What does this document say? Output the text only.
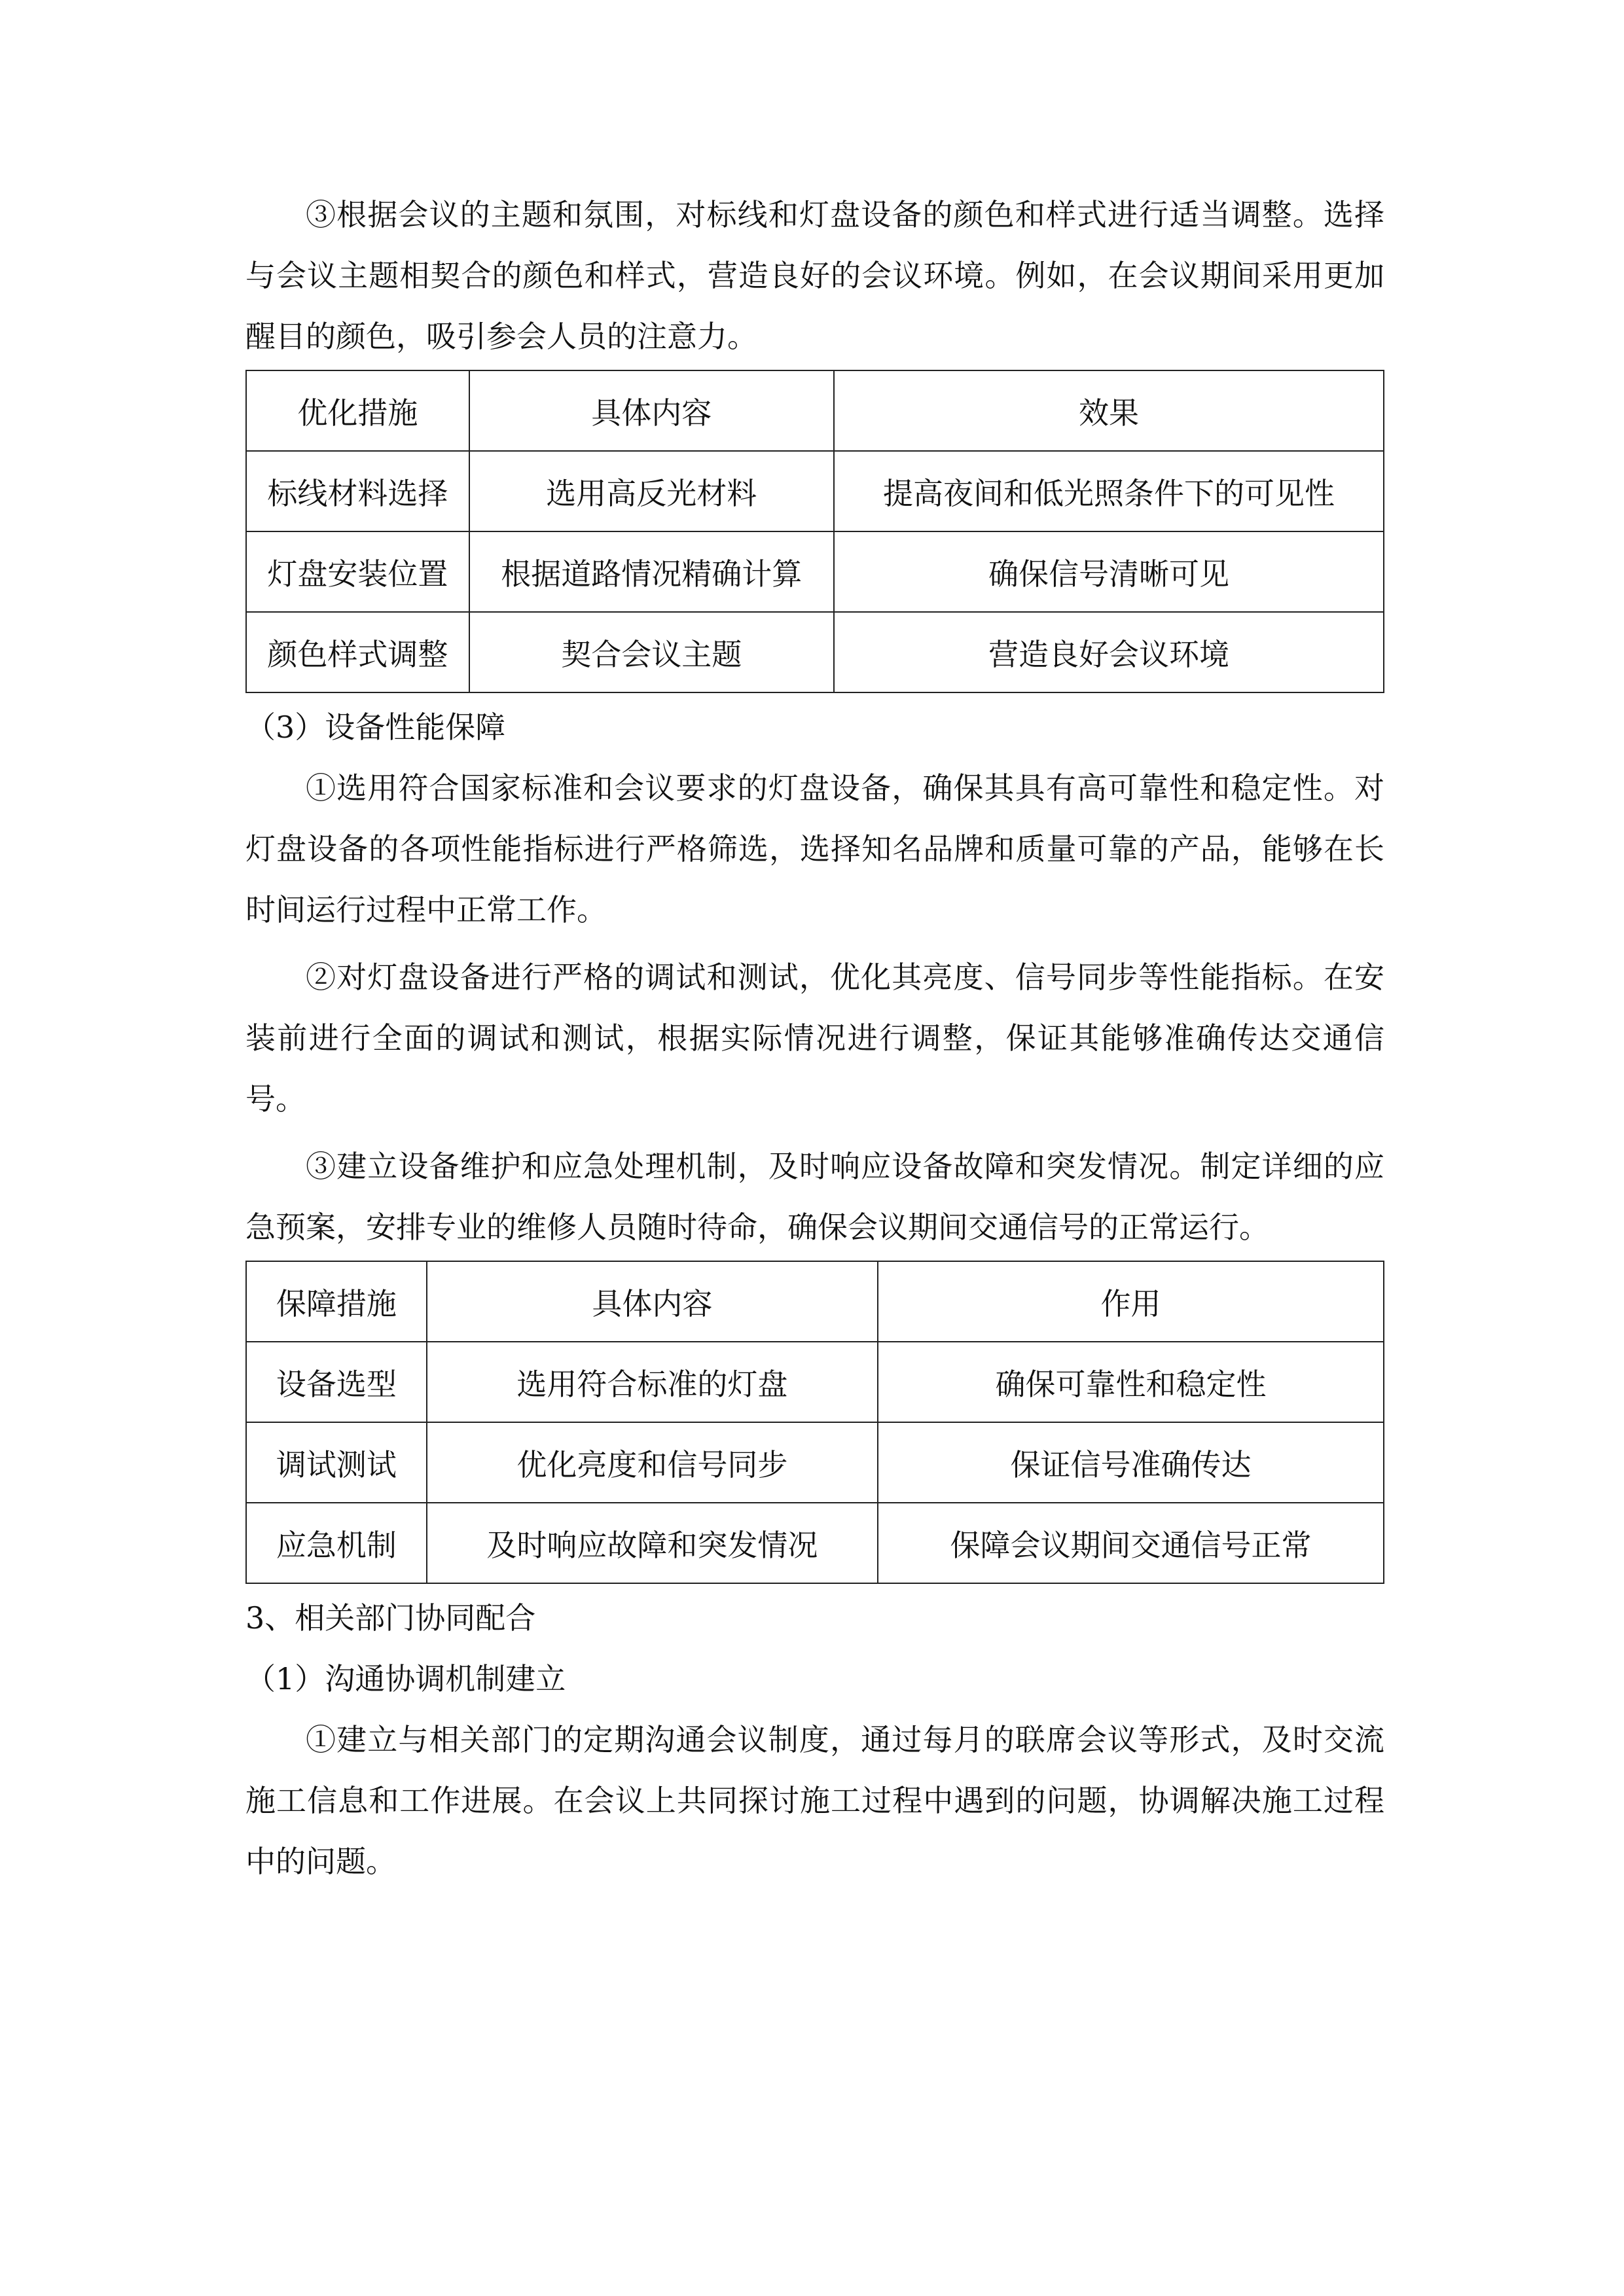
③根据会议的主题和氛围，对标线和灯盘设备的颜色和样式进行适当调整。选择与会议主题相契合的颜色和样式，营造良好的会议环境。例如，在会议期间采用更加醒目的颜色，吸引参会人员的注意力。

优化措施	具体内容	效果
标线材料选择	选用高反光材料	提高夜间和低光照条件下的可见性
灯盘安装位置	根据道路情况精确计算	确保信号清晰可见
颜色样式调整	契合会议主题	营造良好会议环境

（3）设备性能保障

①选用符合国家标准和会议要求的灯盘设备，确保其具有高可靠性和稳定性。对灯盘设备的各项性能指标进行严格筛选，选择知名品牌和质量可靠的产品，能够在长时间运行过程中正常工作。

②对灯盘设备进行严格的调试和测试，优化其亮度、信号同步等性能指标。在安装前进行全面的调试和测试，根据实际情况进行调整，保证其能够准确传达交通信号。

③建立设备维护和应急处理机制，及时响应设备故障和突发情况。制定详细的应急预案，安排专业的维修人员随时待命，确保会议期间交通信号的正常运行。

保障措施	具体内容	作用
设备选型	选用符合标准的灯盘	确保可靠性和稳定性
调试测试	优化亮度和信号同步	保证信号准确传达
应急机制	及时响应故障和突发情况	保障会议期间交通信号正常

3、相关部门协同配合

（1）沟通协调机制建立

①建立与相关部门的定期沟通会议制度，通过每月的联席会议等形式，及时交流施工信息和工作进展。在会议上共同探讨施工过程中遇到的问题，协调解决施工过程中的问题。
